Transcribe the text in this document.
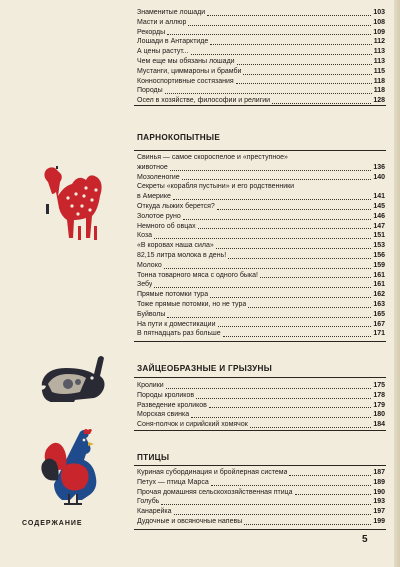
Знаменитые лошади	103
Масти и аллюр	108
Рекорды	109
Лошади в Антарктиде	112
А цены растут...	113
Чем еще мы обязаны лошади	113
Мустанги, циммароны и брамби	115
Конноспортивные состязания	118
Породы	118
Осел в хозяйстве, философии и религии	128
ПАРНОКОПЫТНЫЕ
Свинья — самое скороспелое и «преступное»
животное	136
Мозоленогие	140
Секреты «корабля пустыни» и его родственники
в Америке	141
Откуда лыжих берется?	145
Золотое руно	146
Немного об овцах	147
Коза	151
«В коровах наша сила»	153
82,15 литра молока в день!	156
Молоко	159
Тонна товарного мяса с одного быка!	161
Зебу	161
Прямые потомки тура	162
Тоже прямые потомки, но не тура	163
Буйволы	165
На пути к доместикации	167
В пятнадцать раз больше	171
ЗАЙЦЕОБРАЗНЫЕ И ГРЫЗУНЫ
Кролики	175
Породы кроликов	178
Разведение кроликов	179
Морская свинка	180
Соня-полчок и сирийский хомячок	184
ПТИЦЫ
Куриная субординация и бройлерная система	187
Петух — птица Марса	189
Прочая домашняя сельскохозяйственная птица	190
Голубь	193
Канарейка	197
Дудочные и овсяночные напевы	199
СОДЕРЖАНИЕ
5
